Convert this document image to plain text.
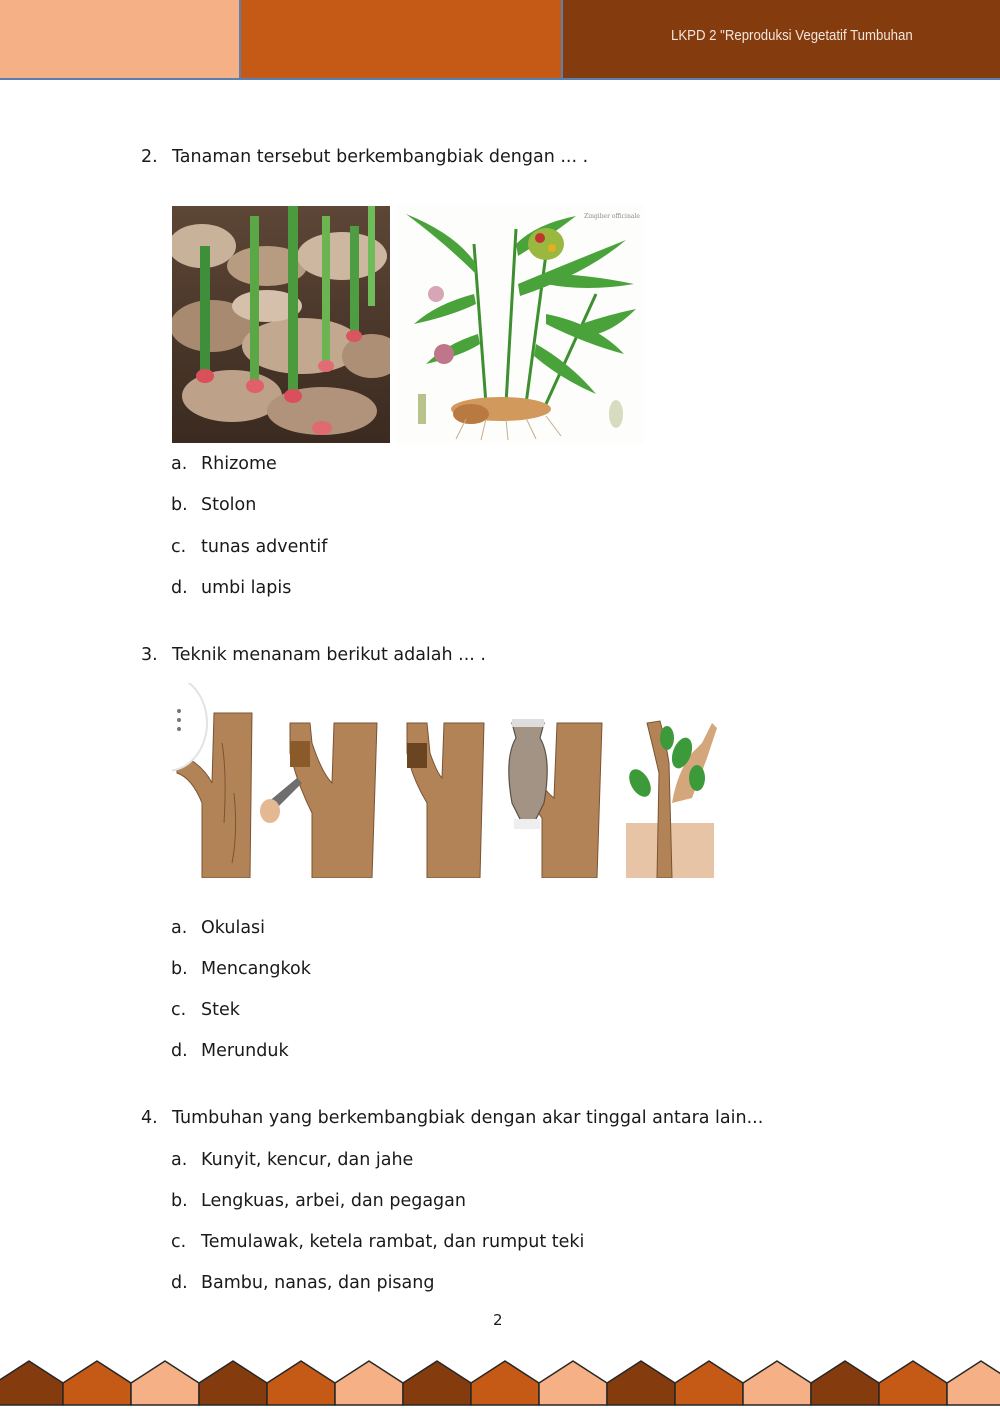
LKPD 2 "Reproduksi Vegetatif Tumbuhan
2. Tanaman tersebut berkembangbiak dengan ... .
Zingiber officinale
a. Rhizome
b. Stolon
c. tunas adventif
d. umbi lapis
3. Teknik menanam berikut adalah ... .
a. Okulasi
b. Mencangkok
c. Stek
d. Merunduk
4. Tumbuhan yang berkembangbiak dengan akar tinggal antara lain...
a. Kunyit, kencur, dan jahe
b. Lengkuas, arbei, dan pegagan
c. Temulawak, ketela rambat, dan rumput teki
d. Bambu, nanas, dan pisang
2
